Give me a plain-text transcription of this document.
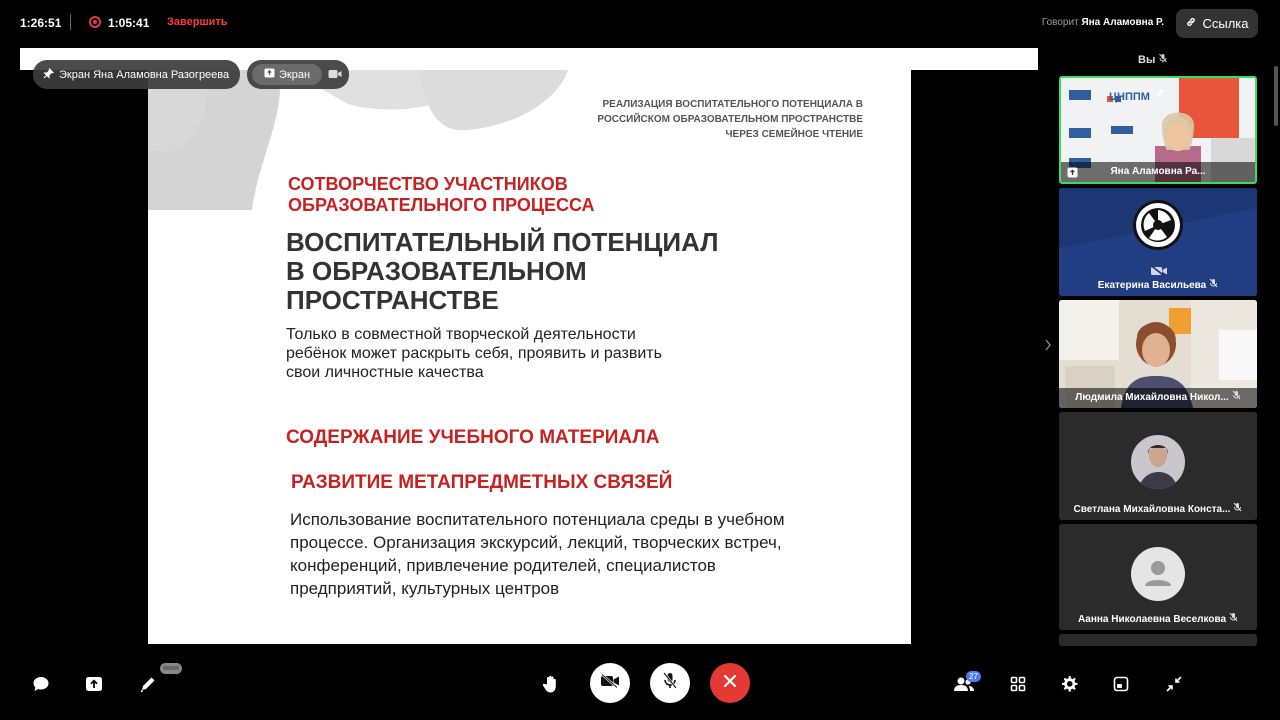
1:26:51	1:05:41 Завершить	Говорит Яна Аламовна Р.	Ссылка
РЕАЛИЗАЦИЯ ВОСПИТАТЕЛЬНОГО ПОТЕНЦИАЛА В
РОССИЙСКОМ ОБРАЗОВАТЕЛЬНОМ ПРОСТРАНСТВЕ
ЧЕРЕЗ СЕМЕЙНОЕ ЧТЕНИЕ
СОТВОРЧЕСТВО УЧАСТНИКОВ
ОБРАЗОВАТЕЛЬНОГО ПРОЦЕССА
ВОСПИТАТЕЛЬНЫЙ ПОТЕНЦИАЛ
В ОБРАЗОВАТЕЛЬНОМ
ПРОСТРАНСТВЕ
Только в совместной творческой деятельности
ребёнок может раскрыть себя, проявить и развить
свои личностные качества
СОДЕРЖАНИЕ УЧЕБНОГО МАТЕРИАЛА
РАЗВИТИЕ МЕТАПРЕДМЕТНЫХ СВЯЗЕЙ
Использование воспитательного потенциала среды в учебном
процессе. Организация экскурсий, лекций, творческих встреч,
конференций, привлечение родителей, специалистов
предприятий, культурных центров
Экран Яна Аламовна Разогреева	Экран
Вы
ЦНППМ
Яна Аламовна Ра...
Екатерина Васильева
Людмила Михайловна Никол...
Светлана Михайловна Конста...
Аанна Николаевна Веселкова
27
